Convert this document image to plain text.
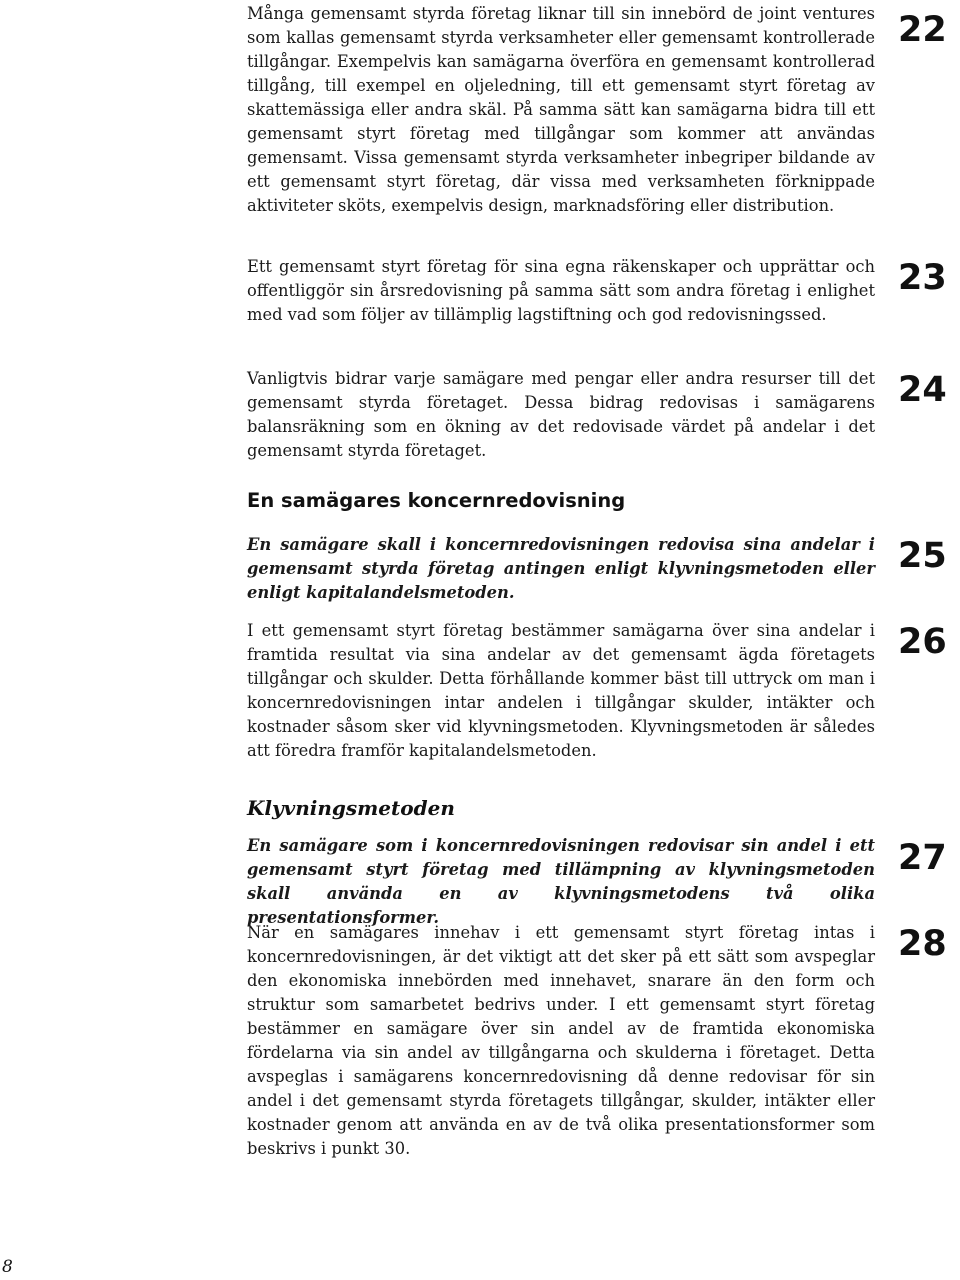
Många gemensamt styrda företag liknar till sin innebörd de joint ventures som kallas gemensamt styrda verksamheter eller gemensamt kontrollerade tillgångar. Exempelvis kan samägarna överföra en gemensamt kontrollerad tillgång, till exempel en oljeledning, till ett gemensamt styrt företag av skattemässiga eller andra skäl. På samma sätt kan samägarna bidra till ett gemensamt styrt företag med tillgångar som kommer att användas gemensamt. Vissa gemensamt styrda verksamheter inbegriper bildande av ett gemensamt styrt företag, där vissa med verksamheten förknippade aktiviteter sköts, exempelvis design, marknadsföring eller distribution.

22

Ett gemensamt styrt företag för sina egna räkenskaper och upprättar och offentliggör sin årsredovisning på samma sätt som andra företag i enlighet med vad som följer av tillämplig lagstiftning och god redovisningssed.

23

Vanligtvis bidrar varje samägare med pengar eller andra resurser till det gemensamt styrda företaget. Dessa bidrag redovisas i samägarens balansräkning som en ökning av det redovisade värdet på andelar i det gemensamt styrda företaget.

24

En samägares koncernredovisning

En samägare skall i koncernredovisningen redovisa sina andelar i gemensamt styrda företag antingen enligt klyvningsmetoden eller enligt kapitalandelsmetoden.

25

I ett gemensamt styrt företag bestämmer samägarna över sina andelar i framtida resultat via sina andelar av det gemensamt ägda företagets tillgångar och skulder. Detta förhållande kommer bäst till uttryck om man i koncernredovisningen intar andelen i tillgångar skulder, intäkter och kostnader såsom sker vid klyvningsmetoden. Klyvningsmetoden är således att föredra framför kapitalandelsmetoden.

26

Klyvningsmetoden

En samägare som i koncernredovisningen redovisar sin andel i ett gemensamt styrt företag med tillämpning av klyvningsmetoden skall använda en av klyvningsmetodens två olika presentationsformer.

27

När en samägares innehav i ett gemensamt styrt företag intas i koncernredovisningen, är det viktigt att det sker på ett sätt som avspeglar den ekonomiska innebörden med innehavet, snarare än den form och struktur som samarbetet bedrivs under. I ett gemensamt styrt företag bestämmer en samägare över sin andel av de framtida ekonomiska fördelarna via sin andel av tillgångarna och skulderna i företaget. Detta avspeglas i samägarens koncernredovisning då denne redovisar för sin andel i det gemensamt styrda företagets tillgångar, skulder, intäkter eller kostnader genom att använda en av de två olika presentationsformer som beskrivs i punkt 30.

28

8
